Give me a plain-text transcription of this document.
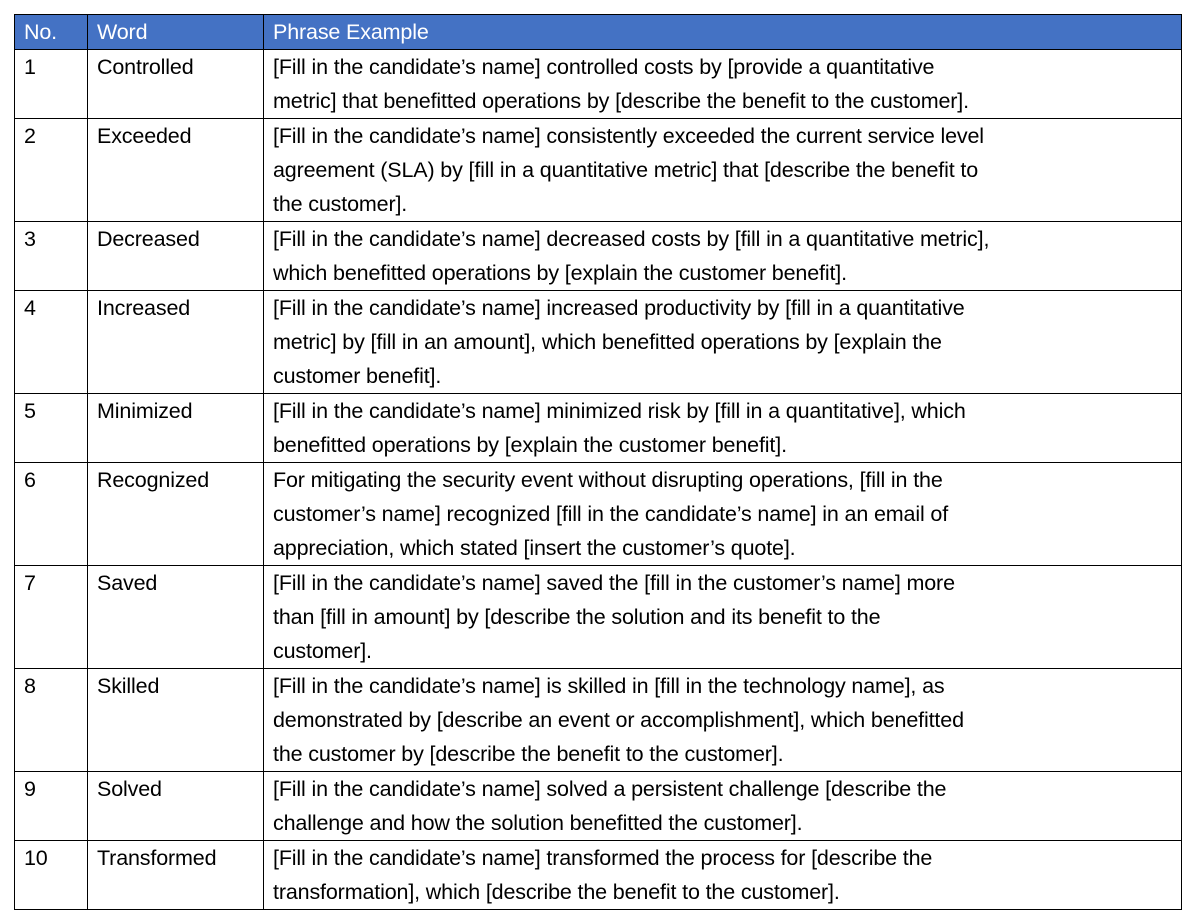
No.	Word	Phrase Example
1	Controlled	[Fill in the candidate’s name] controlled costs by [provide a quantitative
metric] that benefitted operations by [describe the benefit to the customer].
2	Exceeded	[Fill in the candidate’s name] consistently exceeded the current service level
agreement (SLA) by [fill in a quantitative metric] that [describe the benefit to
the customer].
3	Decreased	[Fill in the candidate’s name] decreased costs by [fill in a quantitative metric],
which benefitted operations by [explain the customer benefit].
4	Increased	[Fill in the candidate’s name] increased productivity by [fill in a quantitative
metric] by [fill in an amount], which benefitted operations by [explain the
customer benefit].
5	Minimized	[Fill in the candidate’s name] minimized risk by [fill in a quantitative], which
benefitted operations by [explain the customer benefit].
6	Recognized	For mitigating the security event without disrupting operations, [fill in the
customer’s name] recognized [fill in the candidate’s name] in an email of
appreciation, which stated [insert the customer’s quote].
7	Saved	[Fill in the candidate’s name] saved the [fill in the customer’s name] more
than [fill in amount] by [describe the solution and its benefit to the
customer].
8	Skilled	[Fill in the candidate’s name] is skilled in [fill in the technology name], as
demonstrated by [describe an event or accomplishment], which benefitted
the customer by [describe the benefit to the customer].
9	Solved	[Fill in the candidate’s name] solved a persistent challenge [describe the
challenge and how the solution benefitted the customer].
10	Transformed	[Fill in the candidate’s name] transformed the process for [describe the
transformation], which [describe the benefit to the customer].
